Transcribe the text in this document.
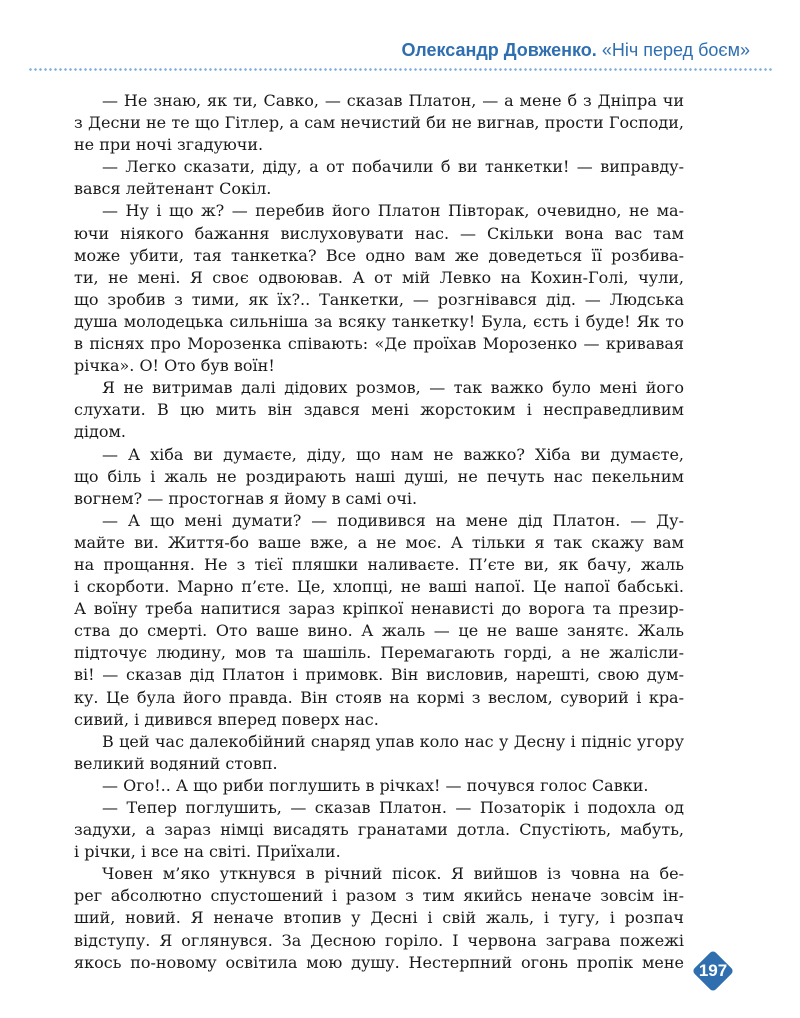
Олександр Довженко. «Ніч перед боєм»
— Не знаю, як ти, Савко, — сказав Платон, — а мене б з Дніпра чи
з Десни не те що Гітлер, а сам нечистий би не вигнав, прости Господи,
не при ночі згадуючи.
— Легко сказати, діду, а от побачили б ви танкетки! — виправду-
вався лейтенант Сокіл.
— Ну і що ж? — перебив його Платон Півторак, очевидно, не ма-
ючи ніякого бажання вислуховувати нас. — Скільки вона вас там
може убити, тая танкетка? Все одно вам же доведеться її розбива-
ти, не мені. Я своє одвоював. А от мій Левко на Кохин-Голі, чули,
що зробив з тими, як їх?.. Танкетки, — розгнівався дід. — Людська
душа молодецька сильніша за всяку танкетку! Була, єсть і буде! Як то
в піснях про Морозенка співають: «Де проїхав Морозенко — кривавая
річка». О! Ото був воїн!
Я не витримав далі дідових розмов, — так важко було мені його
слухати. В цю мить він здався мені жорстоким і несправедливим
дідом.
— А хіба ви думаєте, діду, що нам не важко? Хіба ви думаєте,
що біль і жаль не роздирають наші душі, не печуть нас пекельним
вогнем? — простогнав я йому в самі очі.
— А що мені думати? — подивився на мене дід Платон. — Ду-
майте ви. Життя-бо ваше вже, а не моє. А тільки я так скажу вам
на прощання. Не з тієї пляшки наливаєте. П’єте ви, як бачу, жаль
і скорботи. Марно п’єте. Це, хлопці, не ваші напої. Це напої бабські.
А воїну треба напитися зараз кріпкої ненависті до ворога та презир-
ства до смерті. Ото ваше вино. А жаль — це не ваше занятє. Жаль
підточує людину, мов та шашіль. Перемагають горді, а не жалісли-
ві! — сказав дід Платон і примовк. Він висловив, нарешті, свою дум-
ку. Це була його правда. Він стояв на кормі з веслом, суворий і кра-
сивий, і дивився вперед поверх нас.
В цей час далекобійний снаряд упав коло нас у Десну і підніс угору
великий водяний стовп.
— Ого!.. А що риби поглушить в річках! — почувся голос Савки.
— Тепер поглушить, — сказав Платон. — Позаторік і подохла од
задухи, а зараз німці висадять гранатами дотла. Спустіють, мабуть,
і річки, і все на світі. Приїхали.
Човен м’яко уткнувся в річний пісок. Я вийшов із човна на бе-
рег абсолютно спустошений і разом з тим якийсь неначе зовсім ін-
ший, новий. Я неначе втопив у Десні і свій жаль, і тугу, і розпач
відступу. Я оглянувся. За Десною горіло. І червона заграва пожежі
якось по-новому освітила мою душу. Нестерпний огонь пропік мене 197
